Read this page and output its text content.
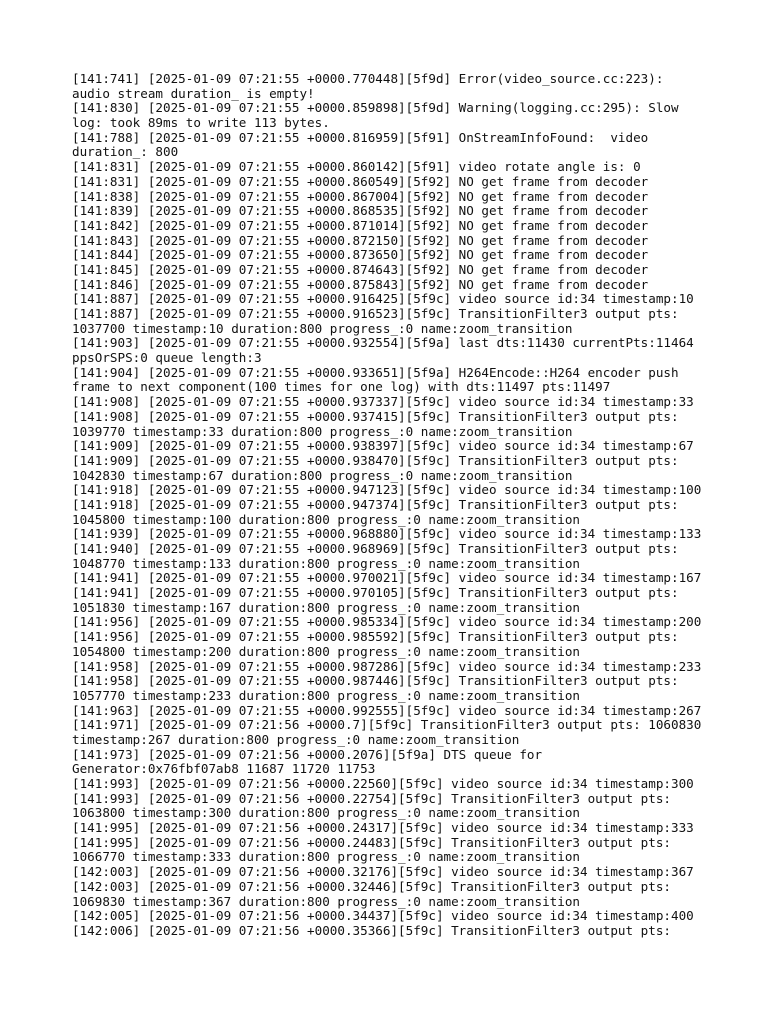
[141:741] [2025-01-09 07:21:55 +0000.770448][5f9d] Error(video_source.cc:223):
audio stream duration_ is empty!
[141:830] [2025-01-09 07:21:55 +0000.859898][5f9d] Warning(logging.cc:295): Slow
log: took 89ms to write 113 bytes.
[141:788] [2025-01-09 07:21:55 +0000.816959][5f91] OnStreamInfoFound:  video
duration_: 800
[141:831] [2025-01-09 07:21:55 +0000.860142][5f91] video rotate angle is: 0
[141:831] [2025-01-09 07:21:55 +0000.860549][5f92] NO get frame from decoder
[141:838] [2025-01-09 07:21:55 +0000.867004][5f92] NO get frame from decoder
[141:839] [2025-01-09 07:21:55 +0000.868535][5f92] NO get frame from decoder
[141:842] [2025-01-09 07:21:55 +0000.871014][5f92] NO get frame from decoder
[141:843] [2025-01-09 07:21:55 +0000.872150][5f92] NO get frame from decoder
[141:844] [2025-01-09 07:21:55 +0000.873650][5f92] NO get frame from decoder
[141:845] [2025-01-09 07:21:55 +0000.874643][5f92] NO get frame from decoder
[141:846] [2025-01-09 07:21:55 +0000.875843][5f92] NO get frame from decoder
[141:887] [2025-01-09 07:21:55 +0000.916425][5f9c] video source id:34 timestamp:10
[141:887] [2025-01-09 07:21:55 +0000.916523][5f9c] TransitionFilter3 output pts:
1037700 timestamp:10 duration:800 progress_:0 name:zoom_transition
[141:903] [2025-01-09 07:21:55 +0000.932554][5f9a] last dts:11430 currentPts:11464
ppsOrSPS:0 queue length:3
[141:904] [2025-01-09 07:21:55 +0000.933651][5f9a] H264Encode::H264 encoder push
frame to next component(100 times for one log) with dts:11497 pts:11497
[141:908] [2025-01-09 07:21:55 +0000.937337][5f9c] video source id:34 timestamp:33
[141:908] [2025-01-09 07:21:55 +0000.937415][5f9c] TransitionFilter3 output pts:
1039770 timestamp:33 duration:800 progress_:0 name:zoom_transition
[141:909] [2025-01-09 07:21:55 +0000.938397][5f9c] video source id:34 timestamp:67
[141:909] [2025-01-09 07:21:55 +0000.938470][5f9c] TransitionFilter3 output pts:
1042830 timestamp:67 duration:800 progress_:0 name:zoom_transition
[141:918] [2025-01-09 07:21:55 +0000.947123][5f9c] video source id:34 timestamp:100
[141:918] [2025-01-09 07:21:55 +0000.947374][5f9c] TransitionFilter3 output pts:
1045800 timestamp:100 duration:800 progress_:0 name:zoom_transition
[141:939] [2025-01-09 07:21:55 +0000.968880][5f9c] video source id:34 timestamp:133
[141:940] [2025-01-09 07:21:55 +0000.968969][5f9c] TransitionFilter3 output pts:
1048770 timestamp:133 duration:800 progress_:0 name:zoom_transition
[141:941] [2025-01-09 07:21:55 +0000.970021][5f9c] video source id:34 timestamp:167
[141:941] [2025-01-09 07:21:55 +0000.970105][5f9c] TransitionFilter3 output pts:
1051830 timestamp:167 duration:800 progress_:0 name:zoom_transition
[141:956] [2025-01-09 07:21:55 +0000.985334][5f9c] video source id:34 timestamp:200
[141:956] [2025-01-09 07:21:55 +0000.985592][5f9c] TransitionFilter3 output pts:
1054800 timestamp:200 duration:800 progress_:0 name:zoom_transition
[141:958] [2025-01-09 07:21:55 +0000.987286][5f9c] video source id:34 timestamp:233
[141:958] [2025-01-09 07:21:55 +0000.987446][5f9c] TransitionFilter3 output pts:
1057770 timestamp:233 duration:800 progress_:0 name:zoom_transition
[141:963] [2025-01-09 07:21:55 +0000.992555][5f9c] video source id:34 timestamp:267
[141:971] [2025-01-09 07:21:56 +0000.7][5f9c] TransitionFilter3 output pts: 1060830
timestamp:267 duration:800 progress_:0 name:zoom_transition
[141:973] [2025-01-09 07:21:56 +0000.2076][5f9a] DTS queue for
Generator:0x76fbf07ab8 11687 11720 11753
[141:993] [2025-01-09 07:21:56 +0000.22560][5f9c] video source id:34 timestamp:300
[141:993] [2025-01-09 07:21:56 +0000.22754][5f9c] TransitionFilter3 output pts:
1063800 timestamp:300 duration:800 progress_:0 name:zoom_transition
[141:995] [2025-01-09 07:21:56 +0000.24317][5f9c] video source id:34 timestamp:333
[141:995] [2025-01-09 07:21:56 +0000.24483][5f9c] TransitionFilter3 output pts:
1066770 timestamp:333 duration:800 progress_:0 name:zoom_transition
[142:003] [2025-01-09 07:21:56 +0000.32176][5f9c] video source id:34 timestamp:367
[142:003] [2025-01-09 07:21:56 +0000.32446][5f9c] TransitionFilter3 output pts:
1069830 timestamp:367 duration:800 progress_:0 name:zoom_transition
[142:005] [2025-01-09 07:21:56 +0000.34437][5f9c] video source id:34 timestamp:400
[142:006] [2025-01-09 07:21:56 +0000.35366][5f9c] TransitionFilter3 output pts:
